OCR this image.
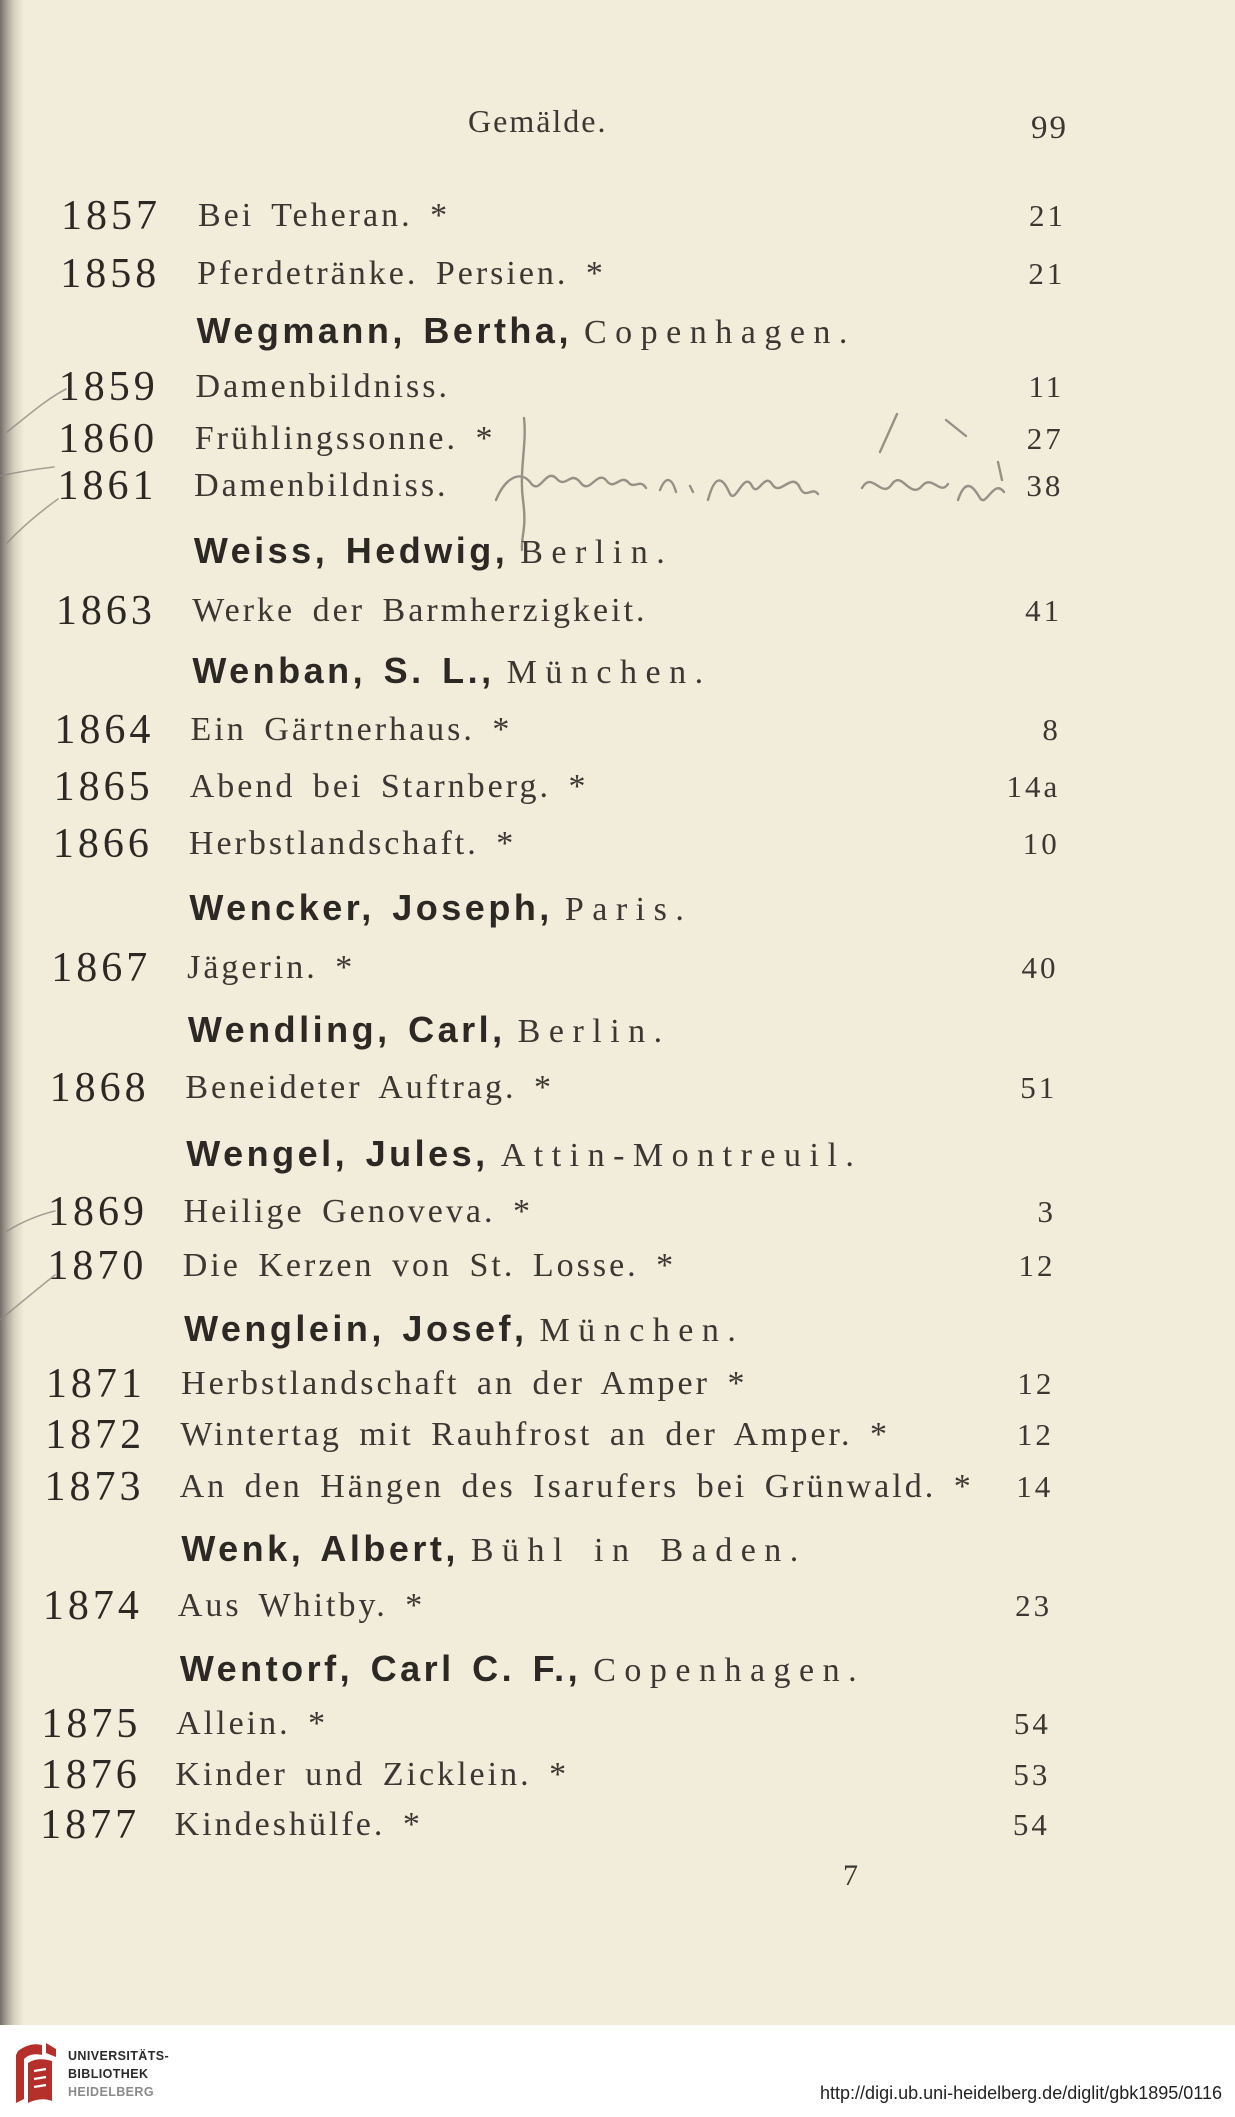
Gemälde.	99
1857 Bei Teheran. *	21
1858 Pferdetränke. Persien. *	21
Wegmann, Bertha, Copenhagen.
1859 Damenbildniss.	11
1860 Frühlingssonne. *	27
1861 Damenbildniss.	38
Weiss, Hedwig, Berlin.
1863 Werke der Barmherzigkeit.	41
Wenban, S. L., München.
1864 Ein Gärtnerhaus. *	8
1865 Abend bei Starnberg. *	14a
1866 Herbstlandschaft. *	10
Wencker, Joseph, Paris.
1867 Jägerin. *	40
Wendling, Carl, Berlin.
1868 Beneideter Auftrag. *	51
Wengel, Jules, Attin-Montreuil.
1869 Heilige Genoveva. *	3
1870 Die Kerzen von St. Losse. *	12
Wenglein, Josef, München.
1871 Herbstlandschaft an der Amper *	12
1872 Wintertag mit Rauhfrost an der Amper. *	12
1873 An den Hängen des Isarufers bei Grünwald. * 14
Wenk, Albert, Bühl in Baden.
1874 Aus Whitby. *	23
Wentorf, Carl C. F., Copenhagen.
1875 Allein. *	54
1876 Kinder und Zicklein. *	53
1877 Kindeshülfe. *	54
7
UNIVERSITÄTS-
BIBLIOTHEK
HEIDELBERG	http://digi.ub.uni-heidelberg.de/diglit/gbk1895/0116
